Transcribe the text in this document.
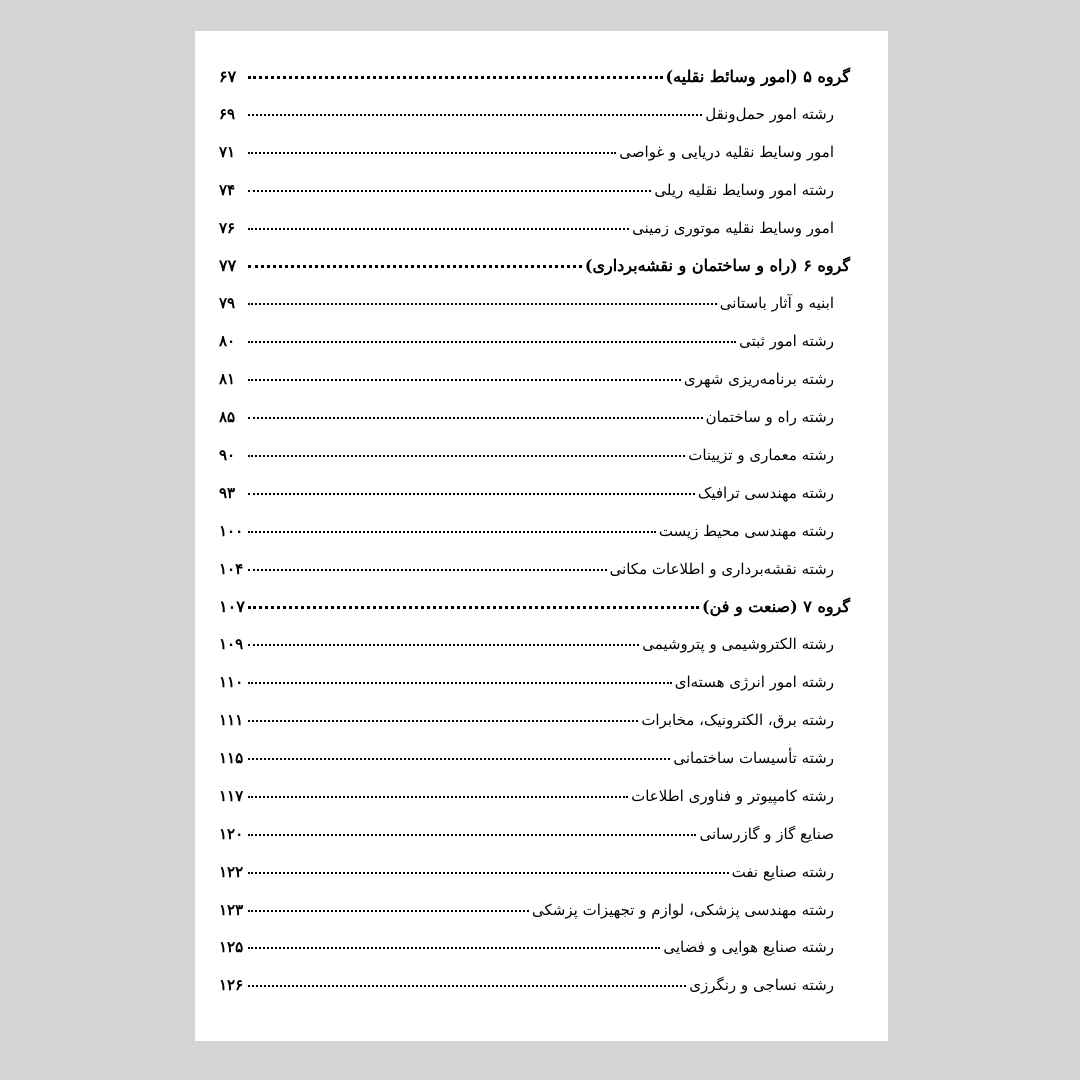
گروه ۵ (امور وسائط نقلیه)
۶۷
رشته امور حمل‌ونقل
۶۹
امور وسایط نقلیه دریایی و غواصی
۷۱
رشته امور وسایط نقلیه ریلی
۷۴
امور وسایط نقلیه موتوری زمینی
۷۶
گروه ۶ (راه و ساختمان و نقشه‌برداری)
۷۷
ابنیه و آثار باستانی
۷۹
رشته امور ثبتی
۸۰
رشته برنامه‌ریزی شهری
۸۱
رشته راه و ساختمان
۸۵
رشته معماری و تزیینات
۹۰
رشته مهندسی ترافیک
۹۳
رشته مهندسی محیط زیست
۱۰۰
رشته نقشه‌برداری و اطلاعات مکانی
۱۰۴
گروه ۷ (صنعت و فن)
۱۰۷
رشته الکتروشیمی و پتروشیمی
۱۰۹
رشته امور انرژی هسته‌ای
۱۱۰
رشته برق، الکترونیک، مخابرات
۱۱۱
رشته تأسیسات ساختمانی
۱۱۵
رشته کامپیوتر و فناوری اطلاعات
۱۱۷
صنایع گاز و گازرسانی
۱۲۰
رشته صنایع نفت
۱۲۲
رشته مهندسی پزشکی، لوازم و تجهیزات پزشکی
۱۲۳
رشته صنایع هوایی و فضایی
۱۲۵
رشته نساجی و رنگرزی
۱۲۶
